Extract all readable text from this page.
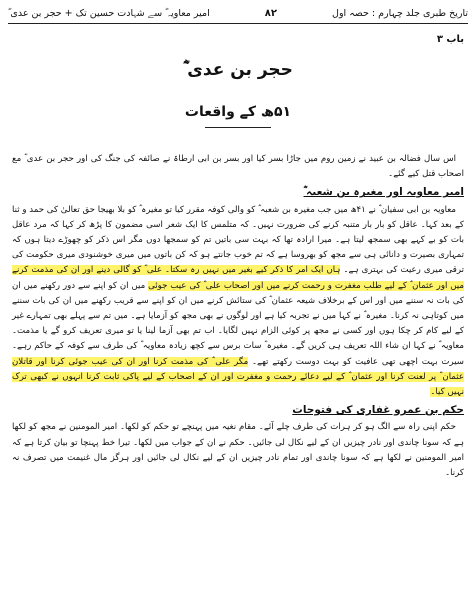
تاریخ طبری جلد چہارم : حصہ اول
۸۲
امیر معاویہ ؓ سے شہادت حسین تک + حجر بن عدی ؓ
باب ۳
حجر بن عدی ؓ
۵۱ھ کے واقعات

اس سال فضالہ بن عبید نے زمین روم میں جاڑا بسر کیا اور بسر بن ابی ارطاۃ نے صائفہ کی جنگ کی اور حجر بن عدی ؓ مع اصحاب قتل کیے گئے۔

امیر معاویہ اور مغیرہ بن شعبہ ؓ

معاویہ بن ابی سفیان ؓ نے ۴۱ھ میں جب مغیرہ بن شعبہ ؓ کو والی کوفہ مقرر کیا تو مغیرہ ؓ کو بلا بھیجا حق تعالیٰ کی حمد و ثنا کے بعد کہا۔ عاقل کو بار بار متنبہ کرنے کی ضرورت نہیں۔ کہ متلمس کا ایک شعر اسی مضمون کا پڑھ کر کہا کہ مرد عاقل بات کو بے کہے بھی سمجھ لیتا ہے۔ میرا ارادہ تھا کہ بہت سی باتیں تم کو سمجھا دوں مگر اس ذکر کو چھوڑے دیتا ہوں کہ تمہاری بصیرت و دانائی ہی سے مجھ کو بھروسا ہے کہ تم خوب جانتے ہو کہ کن باتوں میں میری خوشنودی میری حکومت کی ترقی میری رعیت کی بہتری ہے۔ ہاں ایک امر کا ذکر کیے بغیر میں نہیں رہ سکتا۔ علی ؓ کو گالی دینے اور ان کی مذمت کرنے میں اور عثمان ؓ کے لیے طلب مغفرت و رحمت کرنے میں اور اصحاب علی ؓ کی عیب جوئی میں ان کو اپنے سے دور رکھنے میں ان کی بات نہ سننے میں اور اس کے برخلاف شیعہ عثمان ؓ کی ستائش کرنے میں ان کو اپنے سے قریب رکھنے میں ان کی بات سننے میں کوتاہی نہ کرنا۔ مغیرہ ؓ نے کہا میں نے تجربہ کیا ہے اور لوگوں نے بھی مجھ کو آزمایا ہے۔ میں تم سے پہلے بھی تمہارے غیر کے لیے کام کر چکا ہوں اور کسی نے مجھ پر کوئی الزام نہیں لگایا۔ اب تم بھی آزما لینا یا تو میری تعریف کرو گے یا مذمت۔ معاویہ ؓ نے کہا ان شاء اللہ تعریف ہی کریں گے۔ مغیرہ ؓ سات برس سے کچھ زیادہ معاویہ ؓ کی طرف سے کوفہ کے حاکم رہے۔ سیرت بہت اچھی تھی عافیت کو بہت دوست رکھتے تھے۔ مگر علی ؓ کی مذمت کرنا اور ان کی عیب جوئی کرنا اور قاتلان عثمان ؓ پر لعنت کرنا اور عثمان ؓ کے لیے دعائے رحمت و مغفرت اور ان کے اصحاب کے لیے پاکی ثابت کرنا انہوں نے کبھی ترک نہیں کیا۔

حکم بن عمرو غفاری کی فتوحات

حکم اپنی راہ سے الگ ہو کر ہرات کی طرف چلے آئے۔ مقام نغیہ میں پہنچے تو حکم کو لکھا۔ امیر المومنین نے مجھ کو لکھا ہے کہ سونا چاندی اور نادر چیزیں ان کے لیے نکال لی جائیں۔ حکم نے ان کے جواب میں لکھا۔ تیرا خط پہنچا تو بیان کرتا ہے کہ امیر المومنین نے لکھا ہے کہ سونا چاندی اور تمام نادر چیزیں ان کے لیے نکال لی جائیں اور ہرگز مال غنیمت میں تصرف نہ کرنا۔
